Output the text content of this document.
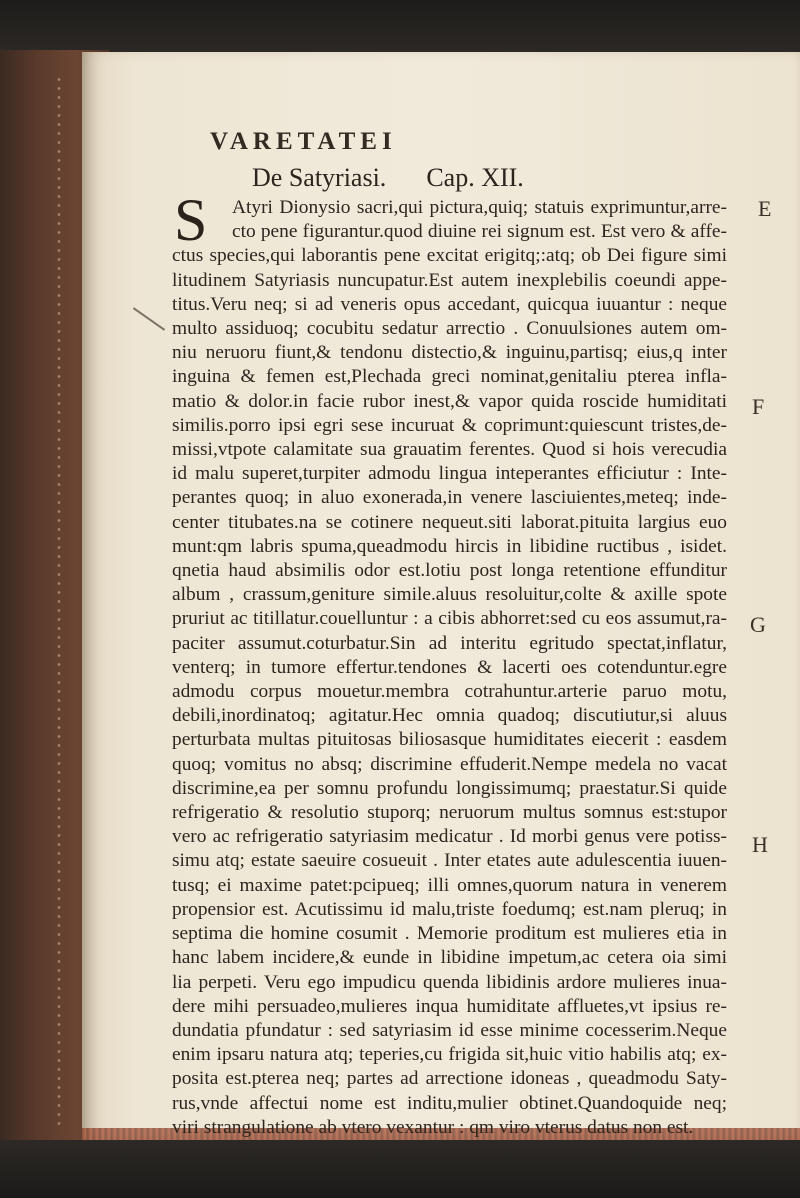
VARETATEI
De Satyriasi. Cap. XII.
E
F
G
H
S	Atyri Dionysio sacri,qui pictura,quiq; statuis exprimuntur,arre-
cto pene figurantur.quod diuine rei signum est. Est vero & affe-
ctus species,qui laborantis pene excitat erigitq;:atq; ob Dei figure simi
litudinem Satyriasis nuncupatur.Est autem inexplebilis coeundi appe-
titus.Veru neq; si ad veneris opus accedant, quicqua iuuantur : neque
multo assiduoq; cocubitu sedatur arrectio . Conuulsiones autem om-
niu neruoru fiunt,& tendonu distectio,& inguinu,partisq; eius,q inter
inguina & femen est,Plechada greci nominat,genitaliu pterea infla-
matio & dolor.in facie rubor inest,& vapor quida roscide humiditati
similis.porro ipsi egri sese incuruat & coprimunt:quiescunt tristes,de-
missi,vtpote calamitate sua grauatim ferentes. Quod si hois verecudia
id malu superet,turpiter admodu lingua inteperantes efficiutur : Inte-
perantes quoq; in aluo exonerada,in venere lasciuientes,meteq; inde-
center titubates.na se cotinere nequeut.siti laborat.pituita largius euo
munt:qm labris spuma,queadmodu hircis in libidine ructibus , isidet.
qnetia haud absimilis odor est.lotiu post longa retentione effunditur
album , crassum,geniture simile.aluus resoluitur,colte & axille spote
pruriut ac titillatur.couelluntur : a cibis abhorret:sed cu eos assumut,ra-
paciter assumut.coturbatur.Sin ad interitu egritudo spectat,inflatur,
venterq; in tumore effertur.tendones & lacerti oes cotenduntur.egre
admodu corpus mouetur.membra cotrahuntur.arterie paruo motu,
debili,inordinatoq; agitatur.Hec omnia quadoq; discutiutur,si aluus
perturbata multas pituitosas biliosasque humiditates eiecerit : easdem
quoq; vomitus no absq; discrimine effuderit.Nempe medela no vacat
discrimine,ea per somnu profundu longissimumq; praestatur.Si quide
refrigeratio & resolutio stuporq; neruorum multus somnus est:stupor
vero ac refrigeratio satyriasim medicatur . Id morbi genus vere potiss-
simu atq; estate saeuire cosueuit . Inter etates aute adulescentia iuuen-
tusq; ei maxime patet:pcipueq; illi omnes,quorum natura in venerem
propensior est. Acutissimu id malu,triste foedumq; est.nam pleruq; in
septima die homine cosumit . Memorie proditum est mulieres etia in
hanc labem incidere,& eunde in libidine impetum,ac cetera oia simi
lia perpeti. Veru ego impudicu quenda libidinis ardore mulieres inua-
dere mihi persuadeo,mulieres inqua humiditate affluetes,vt ipsius re-
dundatia pfundatur : sed satyriasim id esse minime cocesserim.Neque
enim ipsaru natura atq; teperies,cu frigida sit,huic vitio habilis atq; ex-
posita est.pterea neq; partes ad arrectione idoneas , queadmodu Saty-
rus,vnde affectui nome est inditu,mulier obtinet.Quandoquide neq;
viri strangulatione ab vtero vexantur : qm viro vterus datus non est.
